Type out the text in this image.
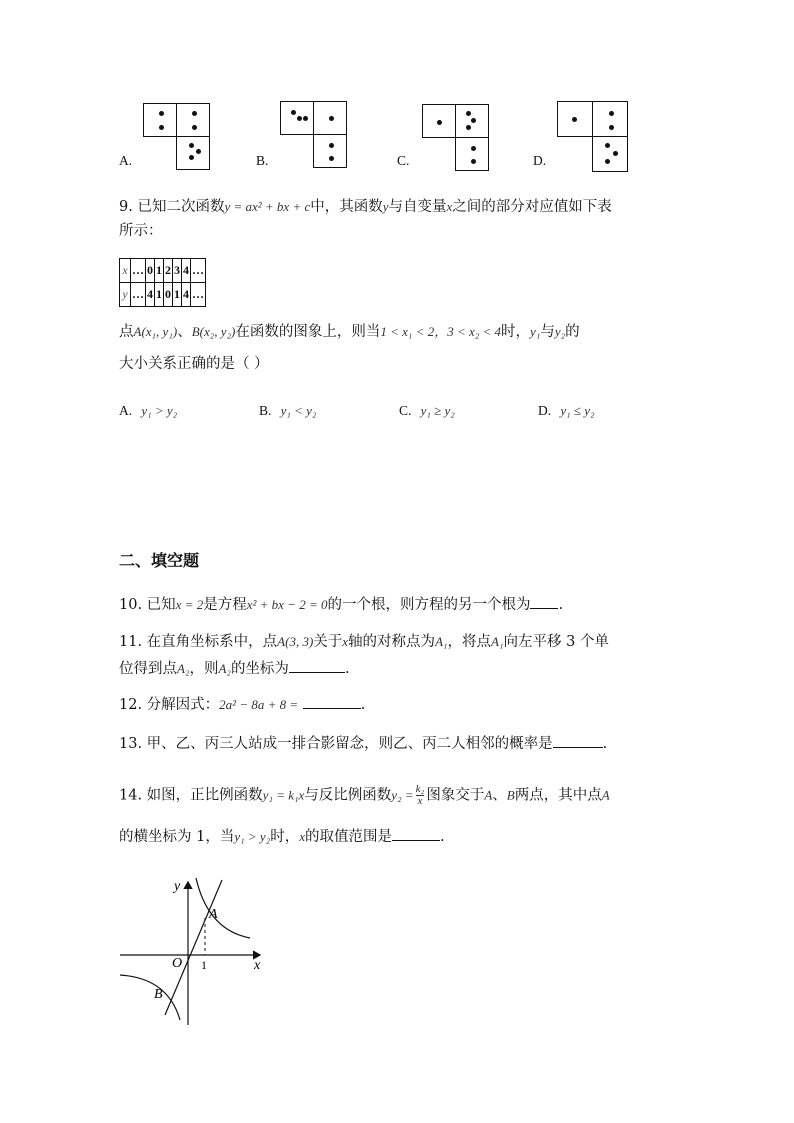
A.	B.	C.	D.
9. 已知二次函数y = ax² + bx + c中，其函数y与自变量x之间的部分对应值如下表
所示：
x	…	0	1	2	3	4	…
y	…	4	1	0	1	4	…
点A(x₁, y₁)、B(x₂, y₂)在函数的图象上，则当1 < x₁ < 2，3 < x₂ < 4时，y₁与y₂的
大小关系正确的是（ ）
A. y₁ > y₂	B. y₁ < y₂	C. y₁ ≥ y₂	D. y₁ ≤ y₂
二、填空题
10. 已知x = 2是方程x² + bx − 2 = 0的一个根，则方程的另一个根为 .
11. 在直角坐标系中，点A(3, 3)关于x轴的对称点为A₁，将点A₁向左平移 3 个单
位得到点A₂，则A₂的坐标为	.
12. 分解因式：2a² − 8a + 8 =	.
13. 甲、乙、丙三人站成一排合影留念，则乙、丙二人相邻的概率是	.
14. 如图，正比例函数y₁ = k₁x与反比例函数$y_2 = \frac{\text{k₂}}{x}$ 图象交于A、B两点，其中点A
的横坐标为 1，当y₁ > y₂时，x的取值范围是	.
y
x
O 1
A
B
